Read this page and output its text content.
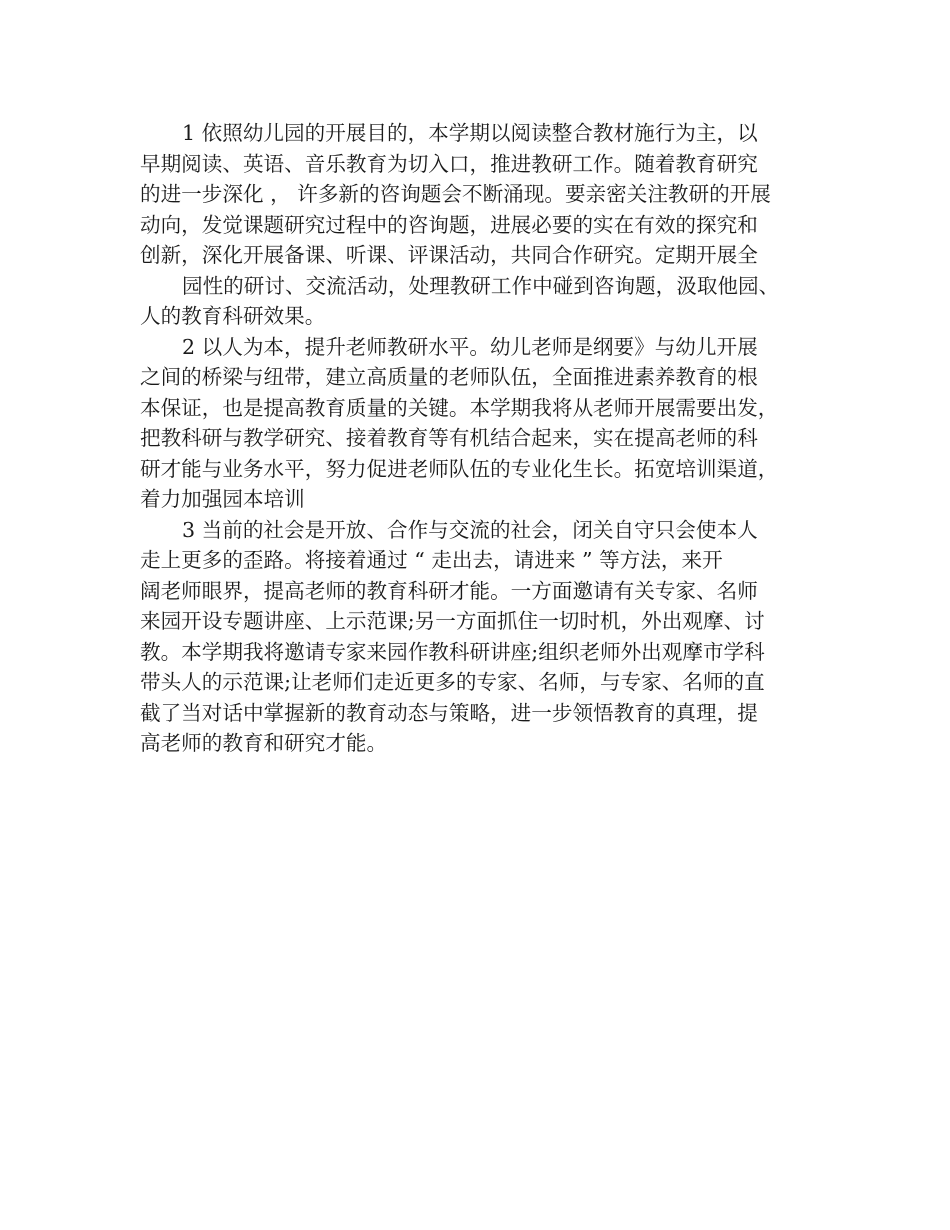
1 依照幼儿园的开展目的，本学期以阅读整合教材施行为主，以

早期阅读、英语、音乐教育为切入口，推进教研工作。随着教育研究

的进一步深化 ， 许多新的咨询题会不断涌现。要亲密关注教研的开展

动向，发觉课题研究过程中的咨询题，进展必要的实在有效的探究和

创新，深化开展备课、听课、评课活动，共同合作研究。定期开展全

园性的研讨、交流活动，处理教研工作中碰到咨询题，汲取他园、

人的教育科研效果。

2 以人为本，提升老师教研水平。幼儿老师是纲要》与幼儿开展

之间的桥梁与纽带，建立高质量的老师队伍，全面推进素养教育的根

本保证，也是提高教育质量的关键。本学期我将从老师开展需要出发，

把教科研与教学研究、接着教育等有机结合起来，实在提高老师的科

研才能与业务水平，努力促进老师队伍的专业化生长。拓宽培训渠道，

着力加强园本培训

3 当前的社会是开放、合作与交流的社会，闭关自守只会使本人

走上更多的歪路。将接着通过 “ 走出去，请进来 ” 等方法，来开

阔老师眼界，提高老师的教育科研才能。一方面邀请有关专家、名师

来园开设专题讲座、上示范课;另一方面抓住一切时机，外出观摩、讨

教。本学期我将邀请专家来园作教科研讲座;组织老师外出观摩市学科

带头人的示范课;让老师们走近更多的专家、名师，与专家、名师的直

截了当对话中掌握新的教育动态与策略，进一步领悟教育的真理，提

高老师的教育和研究才能。
